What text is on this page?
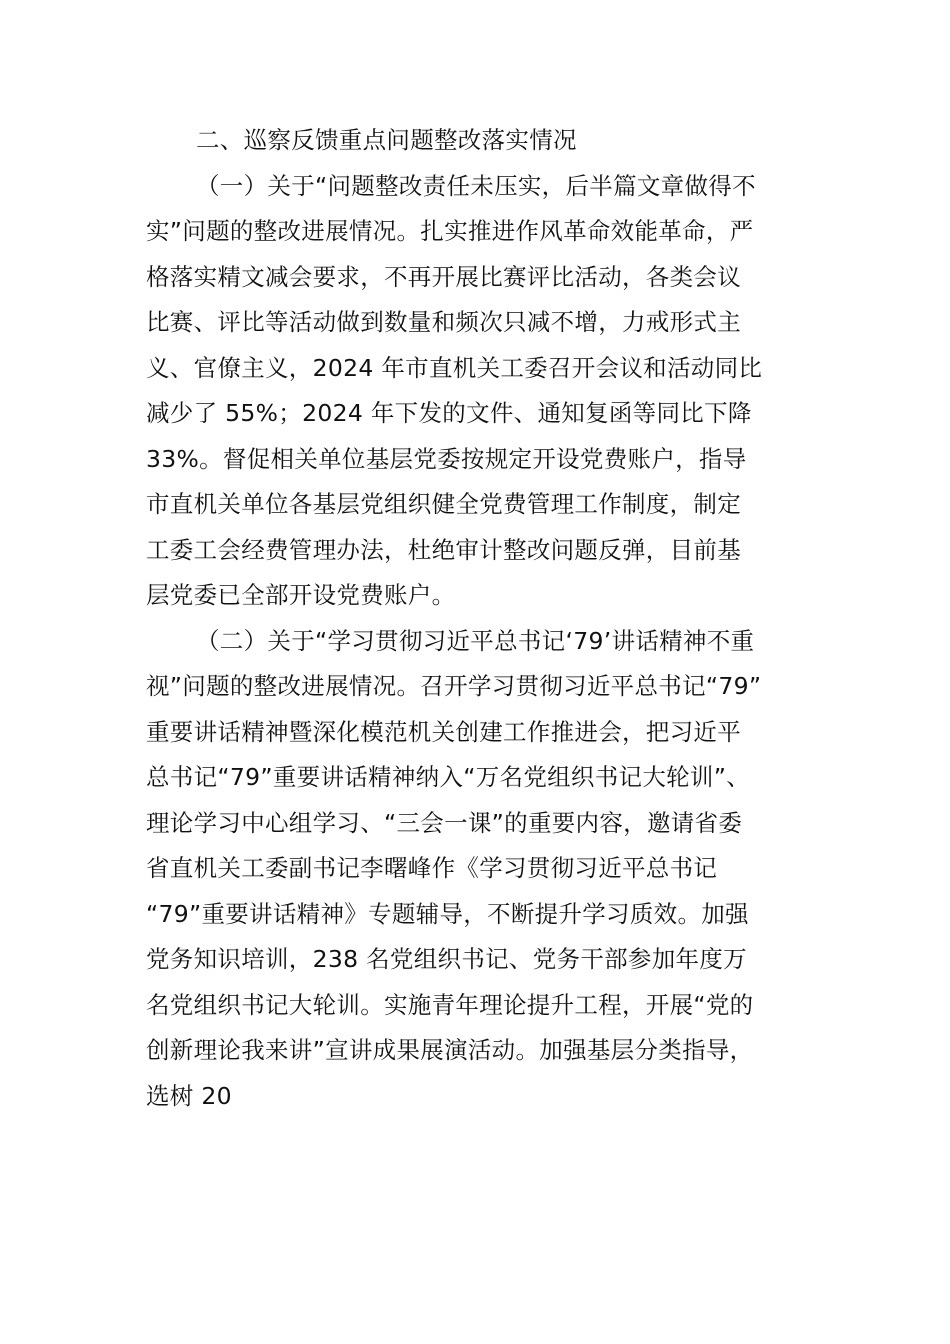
二、巡察反馈重点问题整改落实情况
（一）关于“问题整改责任未压实，后半篇文章做得不
实”问题的整改进展情况。扎实推进作风革命效能革命，严
格落实精文减会要求，不再开展比赛评比活动，各类会议
比赛、评比等活动做到数量和频次只减不增，力戒形式主
义、官僚主义，2024 年市直机关工委召开会议和活动同比
减少了 55%；2024 年下发的文件、通知复函等同比下降
33%。督促相关单位基层党委按规定开设党费账户，指导
市直机关单位各基层党组织健全党费管理工作制度，制定
工委工会经费管理办法，杜绝审计整改问题反弹，目前基
层党委已全部开设党费账户。
（二）关于“学习贯彻习近平总书记‘79’讲话精神不重
视”问题的整改进展情况。召开学习贯彻习近平总书记“79”
重要讲话精神暨深化模范机关创建工作推进会，把习近平
总书记“79”重要讲话精神纳入“万名党组织书记大轮训”、
理论学习中心组学习、“三会一课”的重要内容，邀请省委
省直机关工委副书记李曙峰作《学习贯彻习近平总书记
“79”重要讲话精神》专题辅导，不断提升学习质效。加强
党务知识培训，238 名党组织书记、党务干部参加年度万
名党组织书记大轮训。实施青年理论提升工程，开展“党的
创新理论我来讲”宣讲成果展演活动。加强基层分类指导，
选树 20
